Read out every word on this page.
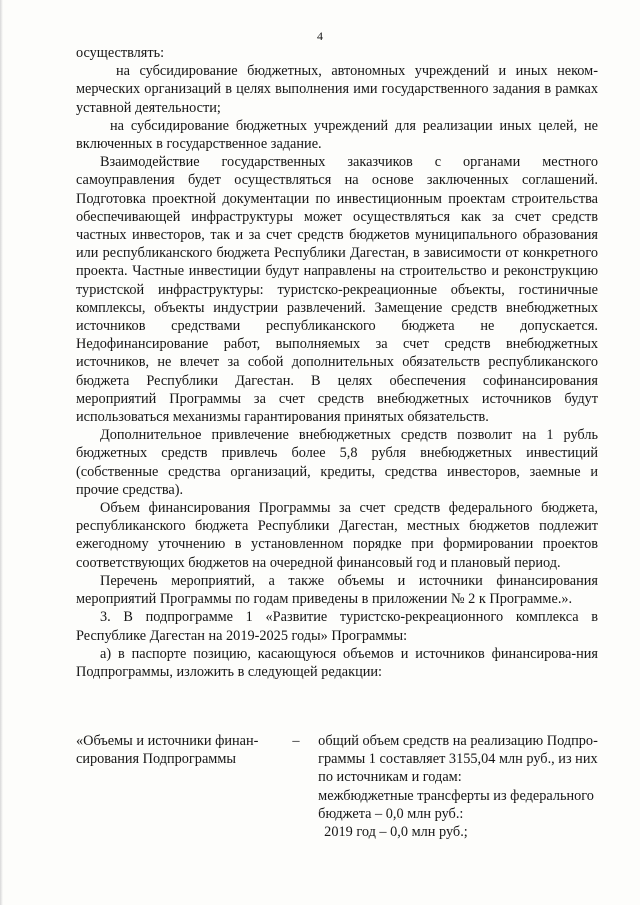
4

осуществлять:

на субсидирование бюджетных, автономных учреждений и иных неком-мерческих организаций в целях выполнения ими государственного задания в рамках уставной деятельности;

на субсидирование бюджетных учреждений для реализации иных целей, не включенных в государственное задание.

Взаимодействие государственных заказчиков с органами местного самоуправления будет осуществляться на основе заключенных соглашений. Подготовка проектной документации по инвестиционным проектам строительства обеспечивающей инфраструктуры может осуществляться как за счет средств частных инвесторов, так и за счет средств бюджетов муниципального образования или республиканского бюджета Республики Дагестан, в зависимости от конкретного проекта. Частные инвестиции будут направлены на строительство и реконструкцию туристской инфраструктуры: туристско-рекреационные объекты, гостиничные комплексы, объекты индустрии развлечений. Замещение средств внебюджетных источников средствами республиканского бюджета не допускается. Недофинансирование работ, выполняемых за счет средств внебюджетных источников, не влечет за собой дополнительных обязательств республиканского бюджета Республики Дагестан. В целях обеспечения софинансирования мероприятий Программы за счет средств внебюджетных источников будут использоваться механизмы гарантирования принятых обязательств.

Дополнительное привлечение внебюджетных средств позволит на 1 рубль бюджетных средств привлечь более 5,8 рубля внебюджетных инвестиций (собственные средства организаций, кредиты, средства инвесторов, заемные и прочие средства).

Объем финансирования Программы за счет средств федерального бюджета, республиканского бюджета Республики Дагестан, местных бюджетов подлежит ежегодному уточнению в установленном порядке при формировании проектов соответствующих бюджетов на очередной финансовый год и плановый период.

Перечень мероприятий, а также объемы и источники финансирования мероприятий Программы по годам приведены в приложении № 2 к Программе.».

3. В подпрограмме 1 «Развитие туристско-рекреационного комплекса в Республике Дагестан на 2019-2025 годы» Программы:

а) в паспорте позицию, касающуюся объемов и источников финансирова-ния Подпрограммы, изложить в следующей редакции:

«Объемы и источники финан-сирования Подпрограммы
–	общий объем средств на реализацию Подпро-граммы 1 составляет 3155,04 млн руб., из них по источникам и годам:

межбюджетные трансферты из федерального бюджета – 0,0 млн руб.:

2019 год – 0,0 млн руб.;
